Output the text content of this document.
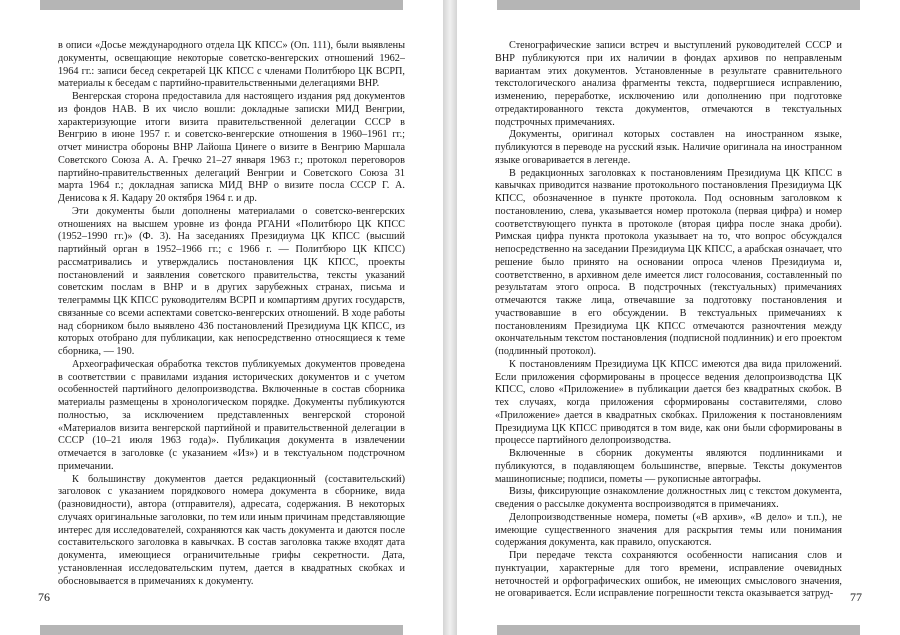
в описи «Досье международного отдела ЦК КПСС» (Оп. 111), были выявлены документы, освещающие некоторые советско-венгерских отношений 1962–1964 гг.: записи бесед секретарей ЦК КПСС с членами Политбюро ЦК ВСРП, материалы к беседам с партийно-правительственными делегациями ВНР.

Венгерская сторона предоставила для настоящего издания ряд документов из фондов НАВ. В их число вошли: докладные записки МИД Венгрии, характеризующие итоги визита правительственной делегации СССР в Венгрию в июне 1957 г. и советско-венгерские отношения в 1960–1961 гг.; отчет министра обороны ВНР Лайоша Цинеге о визите в Венгрию Маршала Советского Союза А. А. Гречко 21–27 января 1963 г.; протокол переговоров партийно-правительственных делегаций Венгрии и Советского Союза 31 марта 1964 г.; докладная записка МИД ВНР о визите посла СССР Г. А. Денисова к Я. Кадару 20 октября 1964 г. и др.

Эти документы были дополнены материалами о советско-венгерских отношениях на высшем уровне из фонда РГАНИ «Политбюро ЦК КПСС (1952–1990 гг.)» (Ф. 3). На заседаниях Президиума ЦК КПСС (высший партийный орган в 1952–1966 гг.; с 1966 г. — Политбюро ЦК КПСС) рассматривались и утверждались постановления ЦК КПСС, проекты постановлений и заявления советского правительства, тексты указаний советским послам в ВНР и в других зарубежных странах, письма и телеграммы ЦК КПСС руководителям ВСРП и компартиям других государств, связанные со всеми аспектами советско-венгерских отношений. В ходе работы над сборником было выявлено 436 постановлений Президиума ЦК КПСС, из которых отобрано для публикации, как непосредственно относящиеся к теме сборника, — 190.

Археографическая обработка текстов публикуемых документов проведена в соответствии с правилами издания исторических документов и с учетом особенностей партийного делопроизводства. Включенные в состав сборника материалы размещены в хронологическом порядке. Документы публикуются полностью, за исключением представленных венгерской стороной «Материалов визита венгерской партийной и правительственной делегации в СССР (10–21 июля 1963 года)». Публикация документа в извлечении отмечается в заголовке (с указанием «Из») и в текстуальном подстрочном примечании.

К большинству документов дается редакционный (составительский) заголовок с указанием порядкового номера документа в сборнике, вида (разновидности), автора (отправителя), адресата, содержания. В некоторых случаях оригинальные заголовки, по тем или иным причинам представляющие интерес для исследователей, сохраняются как часть документа и даются после составительского заголовка в кавычках. В состав заголовка также входят дата документа, имеющиеся ограничительные грифы секретности. Дата, установленная исследовательским путем, дается в квадратных скобках и обосновывается в примечаниях к документу.

76

Стенографические записи встреч и выступлений руководителей СССР и ВНР публикуются при их наличии в фондах архивов по неправленым вариантам этих документов. Установленные в результате сравнительного текстологического анализа фрагменты текста, подвергшиеся исправлению, изменению, переработке, исключению или дополнению при подготовке отредактированного текста документов, отмечаются в текстуальных подстрочных примечаниях.

Документы, оригинал которых составлен на иностранном языке, публикуются в переводе на русский язык. Наличие оригинала на иностранном языке оговаривается в легенде.

В редакционных заголовках к постановлениям Президиума ЦК КПСС в кавычках приводится название протокольного постановления Президиума ЦК КПСС, обозначенное в пункте протокола. Под основным заголовком к постановлению, слева, указывается номер протокола (первая цифра) и номер соответствующего пункта в протоколе (вторая цифра после знака дроби). Римская цифра пункта протокола указывает на то, что вопрос обсуждался непосредственно на заседании Президиума ЦК КПСС, а арабская означает, что решение было принято на основании опроса членов Президиума и, соответственно, в архивном деле имеется лист голосования, составленный по результатам этого опроса. В подстрочных (текстуальных) примечаниях отмечаются также лица, отвечавшие за подготовку постановления и участвовавшие в его обсуждении. В текстуальных примечаниях к постановлениям Президиума ЦК КПСС отмечаются разночтения между окончательным текстом постановления (подписной подлинник) и его проектом (подлинный протокол).

К постановлениям Президиума ЦК КПСС имеются два вида приложений. Если приложения сформированы в процессе ведения делопроизводства ЦК КПСС, слово «Приложение» в публикации дается без квадратных скобок. В тех случаях, когда приложения сформированы составителями, слово «Приложение» дается в квадратных скобках. Приложения к постановлениям Президиума ЦК КПСС приводятся в том виде, как они были сформированы в процессе партийного делопроизводства.

Включенные в сборник документы являются подлинниками и публикуются, в подавляющем большинстве, впервые. Тексты документов машинописные; подписи, пометы — рукописные автографы.

Визы, фиксирующие ознакомление должностных лиц с текстом документа, сведения о рассылке документа воспроизводятся в примечаниях.

Делопроизводственные номера, пометы («В архив», «В дело» и т.п.), не имеющие существенного значения для раскрытия темы или понимания содержания документа, как правило, опускаются.

При передаче текста сохраняются особенности написания слов и пунктуации, характерные для того времени, исправление очевидных неточностей и орфографических ошибок, не имеющих смыслового значения, не оговаривается. Если исправление погрешности текста оказывается затруд-	77
